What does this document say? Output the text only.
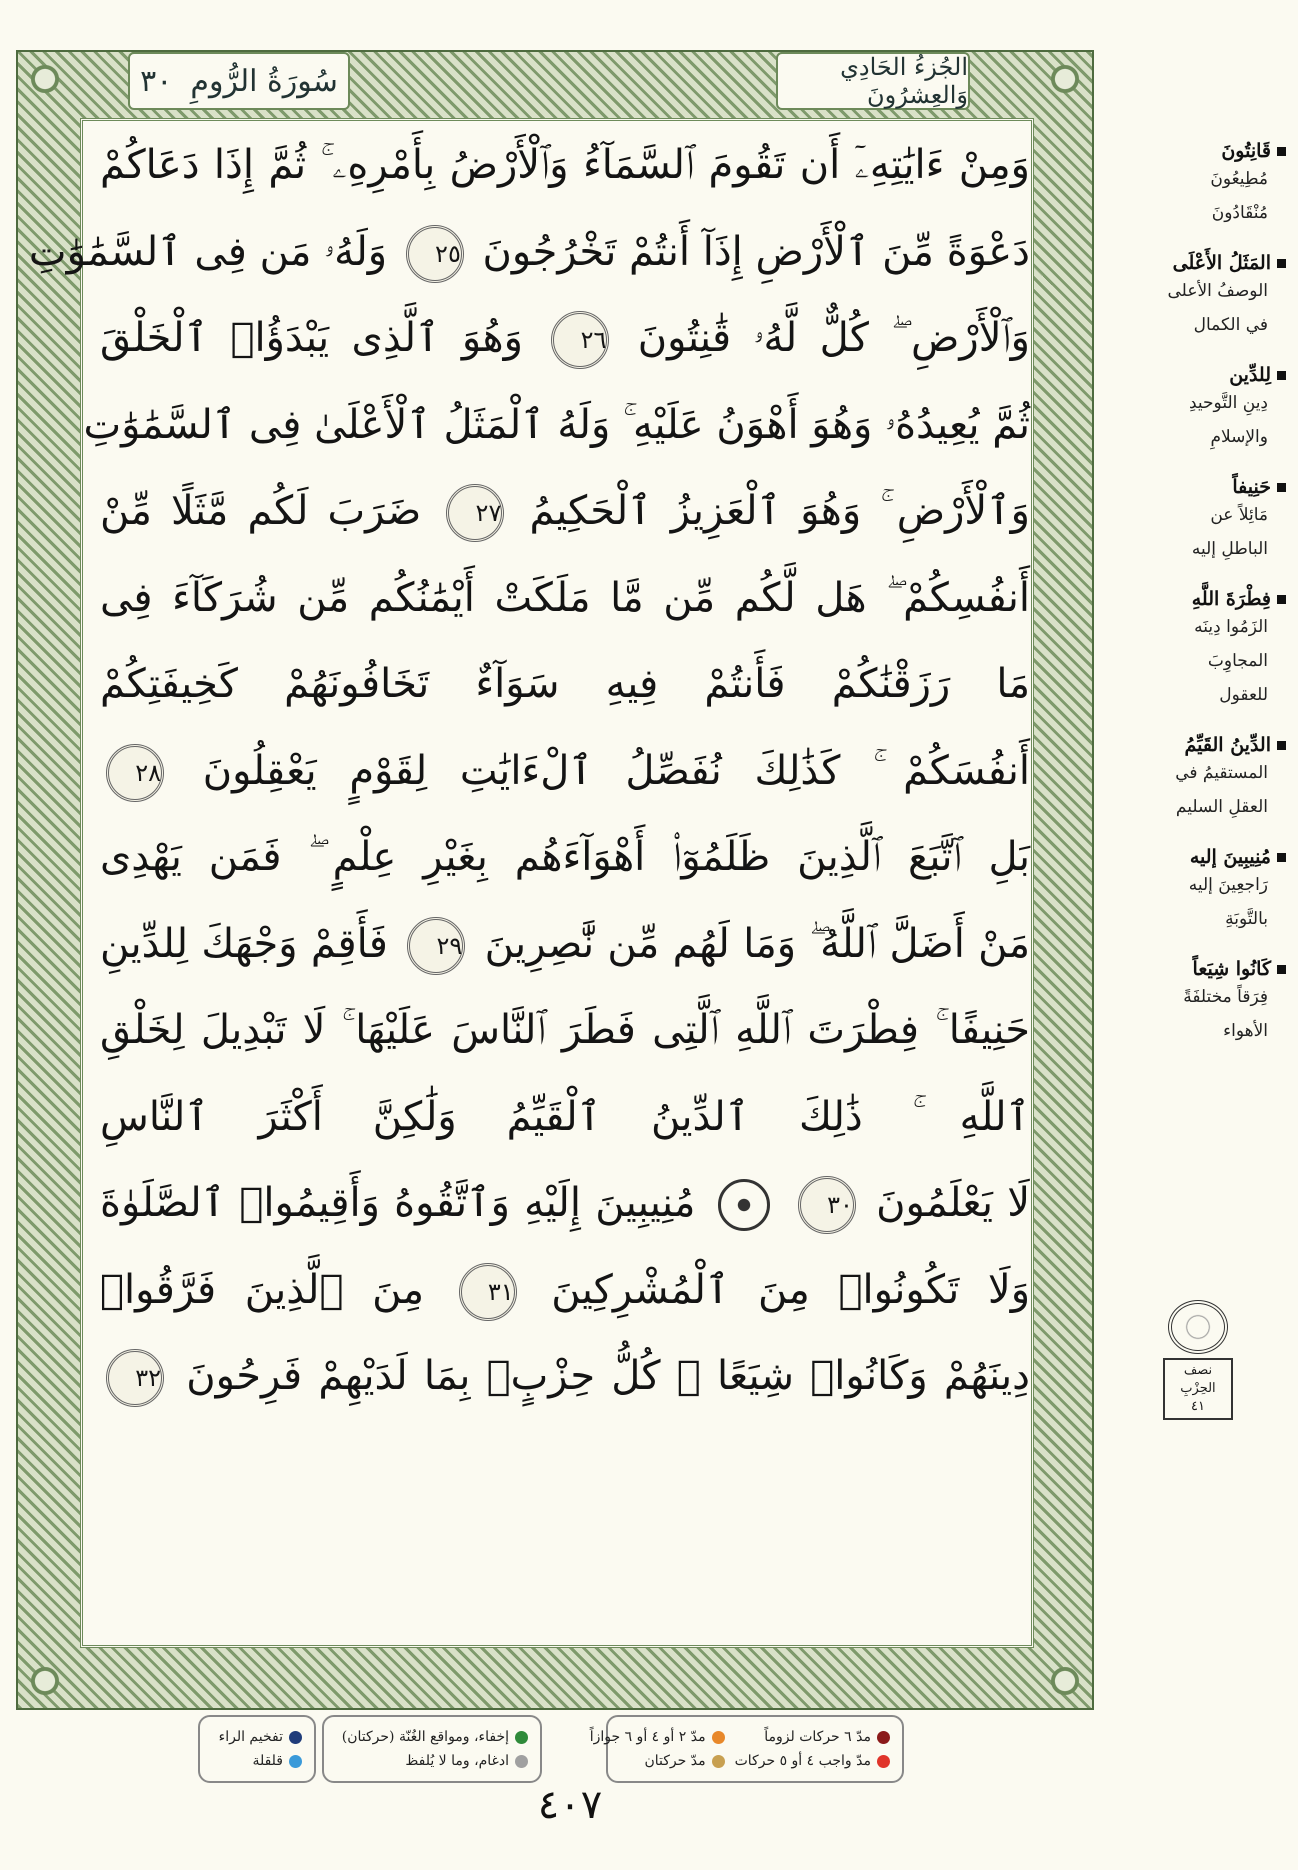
سُورَةُ الرُّومِ
٣٠	الجُزءُ الحَادِي وَالعِشرُونَ
وَمِنْ ءَايَٰتِهِۦٓ أَن تَقُومَ ٱلسَّمَآءُ وَٱلْأَرْضُ بِأَمْرِهِۦ ۚ ثُمَّ إِذَا دَعَاكُمْ
دَعْوَةً مِّنَ ٱلْأَرْضِ إِذَآ أَنتُمْ تَخْرُجُونَ ٢٥ وَلَهُۥ مَن فِى ٱلسَّمَٰوَٰتِ
وَٱلْأَرْضِ ۖ كُلٌّ لَّهُۥ قَٰنِتُونَ ٢٦ وَهُوَ ٱلَّذِى يَبْدَؤُا۟ ٱلْخَلْقَ
ثُمَّ يُعِيدُهُۥ وَهُوَ أَهْوَنُ عَلَيْهِ ۚ وَلَهُ ٱلْمَثَلُ ٱلْأَعْلَىٰ فِى ٱلسَّمَٰوَٰتِ
وَٱلْأَرْضِ ۚ وَهُوَ ٱلْعَزِيزُ ٱلْحَكِيمُ ٢٧ ضَرَبَ لَكُم مَّثَلًا مِّنْ
أَنفُسِكُمْ ۖ هَل لَّكُم مِّن مَّا مَلَكَتْ أَيْمَٰنُكُم مِّن شُرَكَآءَ فِى
مَا رَزَقْنَٰكُمْ فَأَنتُمْ فِيهِ سَوَآءٌ تَخَافُونَهُمْ كَخِيفَتِكُمْ
أَنفُسَكُمْ ۚ كَذَٰلِكَ نُفَصِّلُ ٱلْءَايَٰتِ لِقَوْمٍ يَعْقِلُونَ ٢٨
بَلِ ٱتَّبَعَ ٱلَّذِينَ ظَلَمُوٓا۟ أَهْوَآءَهُم بِغَيْرِ عِلْمٍ ۖ فَمَن يَهْدِى
مَنْ أَضَلَّ ٱللَّهُ ۖ وَمَا لَهُم مِّن نَّٰصِرِينَ ٢٩ فَأَقِمْ وَجْهَكَ لِلدِّينِ
حَنِيفًا ۚ فِطْرَتَ ٱللَّهِ ٱلَّتِى فَطَرَ ٱلنَّاسَ عَلَيْهَا ۚ لَا تَبْدِيلَ لِخَلْقِ
ٱللَّهِ ۚ ذَٰلِكَ ٱلدِّينُ ٱلْقَيِّمُ وَلَٰكِنَّ أَكْثَرَ ٱلنَّاسِ
لَا يَعْلَمُونَ ٣٠  مُنِيبِينَ إِلَيْهِ وَٱتَّقُوهُ وَأَقِيمُوا۟ ٱلصَّلَوٰةَ
وَلَا تَكُونُوا۟ مِنَ ٱلْمُشْرِكِينَ ٣١ مِنَ ٱلَّذِينَ فَرَّقُوا۟
دِينَهُمْ وَكَانُوا۟ شِيَعًا ۖ كُلُّ حِزْبٍۭ بِمَا لَدَيْهِمْ فَرِحُونَ ٣٢
قَانِتُونَ
مُطِيعُونَ
مُنْقَادُونَ
المَثَلُ الأَعْلَى
الوصفُ الأعلى
في الكمال
لِلدِّين
دِينِ التَّوحيدِ
والإسلامِ
حَنِيفاً
مَائِلاً عن
الباطلِ إليه
فِطْرَةَ اللَّهِ
الزَمُوا دِينَه
المجاوِبَ
للعقول
الدِّينُ القَيِّمُ
المستقيمُ في
العقلِ السليم
مُنِيبِينَ إليه
رَاجعِينَ إليه
بالتَّوبَةِ
كَانُوا شِيَعاً
فِرَقاً مختلفَةً
الأهواء
نصف
الحِزْبِ
٤١
مدّ ٦ حركات لزوماً
مدّ ٢ أو ٤ أو ٦ جوازاً
مدّ واجب ٤ أو ٥ حركات
مدّ حركتان
إخفاء، ومواقع الغُنّة (حركتان)
ادغام، وما لا يُلفظ
تفخيم الراء
قلقلة
٤٠٧
